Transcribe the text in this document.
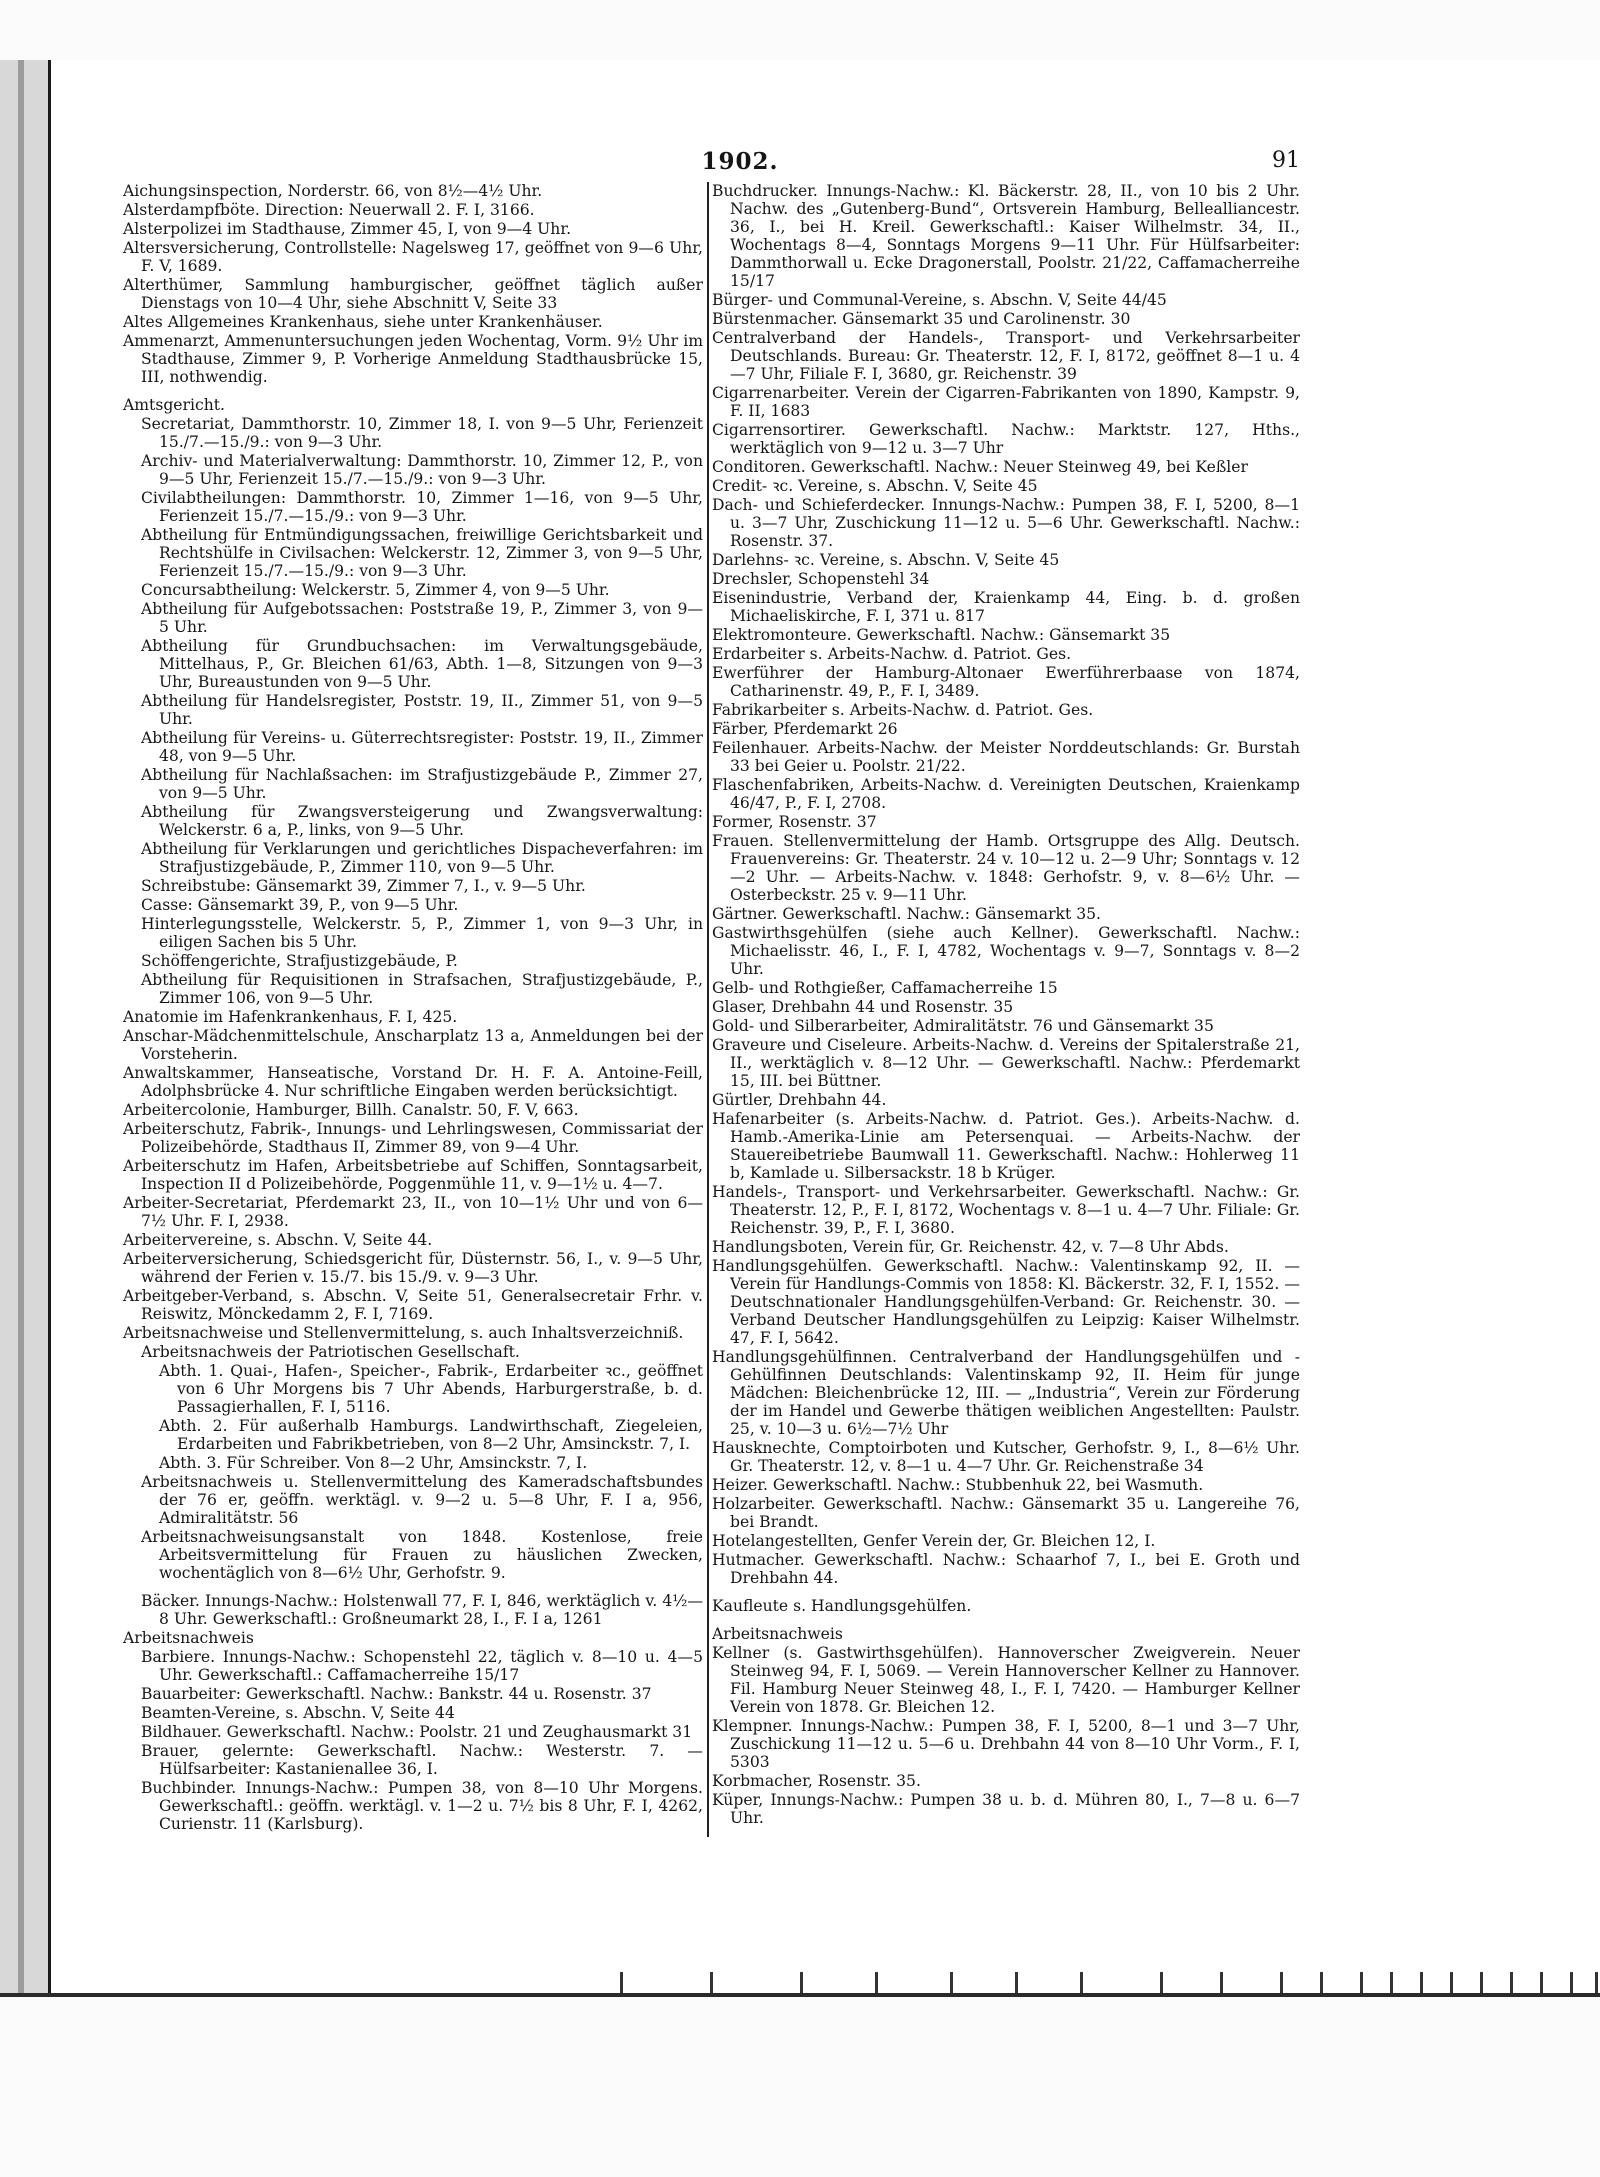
1902.	91

Aichungsinspection, Norderstr. 66, von 8½—4½ Uhr.

Alsterdampfböte. Direction: Neuerwall 2. F. I, 3166.

Alsterpolizei im Stadthause, Zimmer 45, I, von 9—4 Uhr.

Altersversicherung, Controllstelle: Nagelsweg 17, geöffnet von 9—6 Uhr, F. V, 1689.

Alterthümer, Sammlung hamburgischer, geöffnet täglich außer Dienstags von 10—4 Uhr, siehe Abschnitt V, Seite 33

Altes Allgemeines Krankenhaus, siehe unter Krankenhäuser.

Ammenarzt, Ammenuntersuchungen jeden Wochentag, Vorm. 9½ Uhr im Stadthause, Zimmer 9, P. Vorherige Anmeldung Stadthausbrücke 15, III, nothwendig.

Amtsgericht.

Secretariat, Dammthorstr. 10, Zimmer 18, I. von 9—5 Uhr, Ferienzeit 15./7.—15./9.: von 9—3 Uhr.

Archiv- und Materialverwaltung: Dammthorstr. 10, Zimmer 12, P., von 9—5 Uhr, Ferienzeit 15./7.—15./9.: von 9—3 Uhr.

Civilabtheilungen: Dammthorstr. 10, Zimmer 1—16, von 9—5 Uhr, Ferienzeit 15./7.—15./9.: von 9—3 Uhr.

Abtheilung für Entmündigungssachen, freiwillige Gerichtsbarkeit und Rechtshülfe in Civilsachen: Welckerstr. 12, Zimmer 3, von 9—5 Uhr, Ferienzeit 15./7.—15./9.: von 9—3 Uhr.

Concursabtheilung: Welckerstr. 5, Zimmer 4, von 9—5 Uhr.

Abtheilung für Aufgebotssachen: Poststraße 19, P., Zimmer 3, von 9—5 Uhr.

Abtheilung für Grundbuchsachen: im Verwaltungsgebäude, Mittelhaus, P., Gr. Bleichen 61/63, Abth. 1—8, Sitzungen von 9—3 Uhr, Bureaustunden von 9—5 Uhr.

Abtheilung für Handelsregister, Poststr. 19, II., Zimmer 51, von 9—5 Uhr.

Abtheilung für Vereins- u. Güterrechtsregister: Poststr. 19, II., Zimmer 48, von 9—5 Uhr.

Abtheilung für Nachlaßsachen: im Strafjustizgebäude P., Zimmer 27, von 9—5 Uhr.

Abtheilung für Zwangsversteigerung und Zwangsverwaltung: Welckerstr. 6 a, P., links, von 9—5 Uhr.

Abtheilung für Verklarungen und gerichtliches Dispacheverfahren: im Strafjustizgebäude, P., Zimmer 110, von 9—5 Uhr.

Schreibstube: Gänsemarkt 39, Zimmer 7, I., v. 9—5 Uhr.

Casse: Gänsemarkt 39, P., von 9—5 Uhr.

Hinterlegungsstelle, Welckerstr. 5, P., Zimmer 1, von 9—3 Uhr, in eiligen Sachen bis 5 Uhr.

Schöffengerichte, Strafjustizgebäude, P.

Abtheilung für Requisitionen in Strafsachen, Strafjustizgebäude, P., Zimmer 106, von 9—5 Uhr.

Anatomie im Hafenkrankenhaus, F. I, 425.

Anschar-Mädchenmittelschule, Anscharplatz 13 a, Anmeldungen bei der Vorsteherin.

Anwaltskammer, Hanseatische, Vorstand Dr. H. F. A. Antoine-Feill, Adolphsbrücke 4. Nur schriftliche Eingaben werden berücksichtigt.

Arbeitercolonie, Hamburger, Billh. Canalstr. 50, F. V, 663.

Arbeiterschutz, Fabrik-, Innungs- und Lehrlingswesen, Commissariat der Polizeibehörde, Stadthaus II, Zimmer 89, von 9—4 Uhr.

Arbeiterschutz im Hafen, Arbeitsbetriebe auf Schiffen, Sonntagsarbeit, Inspection II d Polizeibehörde, Poggenmühle 11, v. 9—1½ u. 4—7.

Arbeiter-Secretariat, Pferdemarkt 23, II., von 10—1½ Uhr und von 6—7½ Uhr. F. I, 2938.

Arbeitervereine, s. Abschn. V, Seite 44.

Arbeiterversicherung, Schiedsgericht für, Düsternstr. 56, I., v. 9—5 Uhr, während der Ferien v. 15./7. bis 15./9. v. 9—3 Uhr.

Arbeitgeber-Verband, s. Abschn. V, Seite 51, Generalsecretair Frhr. v. Reiswitz, Mönckedamm 2, F. I, 7169.

Arbeitsnachweise und Stellenvermittelung, s. auch Inhaltsverzeichniß.

Arbeitsnachweis der Patriotischen Gesellschaft.

Abth. 1. Quai-, Hafen-, Speicher-, Fabrik-, Erdarbeiter ꝛc., geöffnet von 6 Uhr Morgens bis 7 Uhr Abends, Harburgerstraße, b. d. Passagierhallen, F. I, 5116.

Abth. 2. Für außerhalb Hamburgs. Landwirthschaft, Ziegeleien, Erdarbeiten und Fabrikbetrieben, von 8—2 Uhr, Amsinckstr. 7, I.

Abth. 3. Für Schreiber. Von 8—2 Uhr, Amsinckstr. 7, I.

Arbeitsnachweis u. Stellenvermittelung des Kameradschaftsbundes der 76 er, geöffn. werktägl. v. 9—2 u. 5—8 Uhr, F. I a, 956, Admiralitätstr. 56

Arbeitsnachweisungsanstalt von 1848. Kostenlose, freie Arbeitsvermittelung für Frauen zu häuslichen Zwecken, wochentäglich von 8—6½ Uhr, Gerhofstr. 9.

Bäcker. Innungs-Nachw.: Holstenwall 77, F. I, 846, werktäglich v. 4½—8 Uhr. Gewerkschaftl.: Großneumarkt 28, I., F. I a, 1261

Arbeitsnachweis

Barbiere. Innungs-Nachw.: Schopenstehl 22, täglich v. 8—10 u. 4—5 Uhr. Gewerkschaftl.: Caffamacherreihe 15/17

Bauarbeiter: Gewerkschaftl. Nachw.: Bankstr. 44 u. Rosenstr. 37

Beamten-Vereine, s. Abschn. V, Seite 44

Bildhauer. Gewerkschaftl. Nachw.: Poolstr. 21 und Zeughausmarkt 31

Brauer, gelernte: Gewerkschaftl. Nachw.: Westerstr. 7. — Hülfsarbeiter: Kastanienallee 36, I.

Buchbinder. Innungs-Nachw.: Pumpen 38, von 8—10 Uhr Morgens. Gewerkschaftl.: geöffn. werktägl. v. 1—2 u. 7½ bis 8 Uhr, F. I, 4262, Curienstr. 11 (Karlsburg).

Buchdrucker. Innungs-Nachw.: Kl. Bäckerstr. 28, II., von 10 bis 2 Uhr. Nachw. des „Gutenberg-Bund“, Ortsverein Hamburg, Bellealliancestr. 36, I., bei H. Kreil. Gewerkschaftl.: Kaiser Wilhelmstr. 34, II., Wochentags 8—4, Sonntags Morgens 9—11 Uhr. Für Hülfsarbeiter: Dammthorwall u. Ecke Dragonerstall, Poolstr. 21/22, Caffamacherreihe 15/17

Bürger- und Communal-Vereine, s. Abschn. V, Seite 44/45

Bürstenmacher. Gänsemarkt 35 und Carolinenstr. 30

Centralverband der Handels-, Transport- und Verkehrsarbeiter Deutschlands. Bureau: Gr. Theaterstr. 12, F. I, 8172, geöffnet 8—1 u. 4—7 Uhr, Filiale F. I, 3680, gr. Reichenstr. 39

Cigarrenarbeiter. Verein der Cigarren-Fabrikanten von 1890, Kampstr. 9, F. II, 1683

Cigarrensortirer. Gewerkschaftl. Nachw.: Marktstr. 127, Hths., werktäglich von 9—12 u. 3—7 Uhr

Conditoren. Gewerkschaftl. Nachw.: Neuer Steinweg 49, bei Keßler

Credit- ꝛc. Vereine, s. Abschn. V, Seite 45

Dach- und Schieferdecker. Innungs-Nachw.: Pumpen 38, F. I, 5200, 8—1 u. 3—7 Uhr, Zuschickung 11—12 u. 5—6 Uhr. Gewerkschaftl. Nachw.: Rosenstr. 37.

Darlehns- ꝛc. Vereine, s. Abschn. V, Seite 45

Drechsler, Schopenstehl 34

Eisenindustrie, Verband der, Kraienkamp 44, Eing. b. d. großen Michaeliskirche, F. I, 371 u. 817

Elektromonteure. Gewerkschaftl. Nachw.: Gänsemarkt 35

Erdarbeiter s. Arbeits-Nachw. d. Patriot. Ges.

Ewerführer der Hamburg-Altonaer Ewerführerbaase von 1874, Catharinenstr. 49, P., F. I, 3489.

Fabrikarbeiter s. Arbeits-Nachw. d. Patriot. Ges.

Färber, Pferdemarkt 26

Feilenhauer. Arbeits-Nachw. der Meister Norddeutschlands: Gr. Burstah 33 bei Geier u. Poolstr. 21/22.

Flaschenfabriken, Arbeits-Nachw. d. Vereinigten Deutschen, Kraienkamp 46/47, P., F. I, 2708.

Former, Rosenstr. 37

Frauen. Stellenvermittelung der Hamb. Ortsgruppe des Allg. Deutsch. Frauenvereins: Gr. Theaterstr. 24 v. 10—12 u. 2—9 Uhr; Sonntags v. 12—2 Uhr. — Arbeits-Nachw. v. 1848: Gerhofstr. 9, v. 8—6½ Uhr. — Osterbeckstr. 25 v. 9—11 Uhr.

Gärtner. Gewerkschaftl. Nachw.: Gänsemarkt 35.

Gastwirthsgehülfen (siehe auch Kellner). Gewerkschaftl. Nachw.: Michaelisstr. 46, I., F. I, 4782, Wochentags v. 9—7, Sonntags v. 8—2 Uhr.

Gelb- und Rothgießer, Caffamacherreihe 15

Glaser, Drehbahn 44 und Rosenstr. 35

Gold- und Silberarbeiter, Admiralitätstr. 76 und Gänsemarkt 35

Graveure und Ciseleure. Arbeits-Nachw. d. Vereins der Spitalerstraße 21, II., werktäglich v. 8—12 Uhr. — Gewerkschaftl. Nachw.: Pferdemarkt 15, III. bei Büttner.

Gürtler, Drehbahn 44.

Hafenarbeiter (s. Arbeits-Nachw. d. Patriot. Ges.). Arbeits-Nachw. d. Hamb.-Amerika-Linie am Petersenquai. — Arbeits-Nachw. der Stauereibetriebe Baumwall 11. Gewerkschaftl. Nachw.: Hohlerweg 11 b, Kamlade u. Silbersackstr. 18 b Krüger.

Handels-, Transport- und Verkehrsarbeiter. Gewerkschaftl. Nachw.: Gr. Theaterstr. 12, P., F. I, 8172, Wochentags v. 8—1 u. 4—7 Uhr. Filiale: Gr. Reichenstr. 39, P., F. I, 3680.

Handlungsboten, Verein für, Gr. Reichenstr. 42, v. 7—8 Uhr Abds.

Handlungsgehülfen. Gewerkschaftl. Nachw.: Valentinskamp 92, II. — Verein für Handlungs-Commis von 1858: Kl. Bäckerstr. 32, F. I, 1552. — Deutschnationaler Handlungsgehülfen-Verband: Gr. Reichenstr. 30. — Verband Deutscher Handlungsgehülfen zu Leipzig: Kaiser Wilhelmstr. 47, F. I, 5642.

Handlungsgehülfinnen. Centralverband der Handlungsgehülfen und -Gehülfinnen Deutschlands: Valentinskamp 92, II. Heim für junge Mädchen: Bleichenbrücke 12, III. — „Industria“, Verein zur Förderung der im Handel und Gewerbe thätigen weiblichen Angestellten: Paulstr. 25, v. 10—3 u. 6½—7½ Uhr

Hausknechte, Comptoirboten und Kutscher, Gerhofstr. 9, I., 8—6½ Uhr. Gr. Theaterstr. 12, v. 8—1 u. 4—7 Uhr. Gr. Reichenstraße 34

Heizer. Gewerkschaftl. Nachw.: Stubbenhuk 22, bei Wasmuth.

Holzarbeiter. Gewerkschaftl. Nachw.: Gänsemarkt 35 u. Langereihe 76, bei Brandt.

Hotelangestellten, Genfer Verein der, Gr. Bleichen 12, I.

Hutmacher. Gewerkschaftl. Nachw.: Schaarhof 7, I., bei E. Groth und Drehbahn 44.

Kaufleute s. Handlungsgehülfen.

Arbeitsnachweis

Kellner (s. Gastwirthsgehülfen). Hannoverscher Zweigverein. Neuer Steinweg 94, F. I, 5069. — Verein Hannoverscher Kellner zu Hannover. Fil. Hamburg Neuer Steinweg 48, I., F. I, 7420. — Hamburger Kellner Verein von 1878. Gr. Bleichen 12.

Klempner. Innungs-Nachw.: Pumpen 38, F. I, 5200, 8—1 und 3—7 Uhr, Zuschickung 11—12 u. 5—6 u. Drehbahn 44 von 8—10 Uhr Vorm., F. I, 5303

Korbmacher, Rosenstr. 35.

Küper, Innungs-Nachw.: Pumpen 38 u. b. d. Mühren 80, I., 7—8 u. 6—7 Uhr.
